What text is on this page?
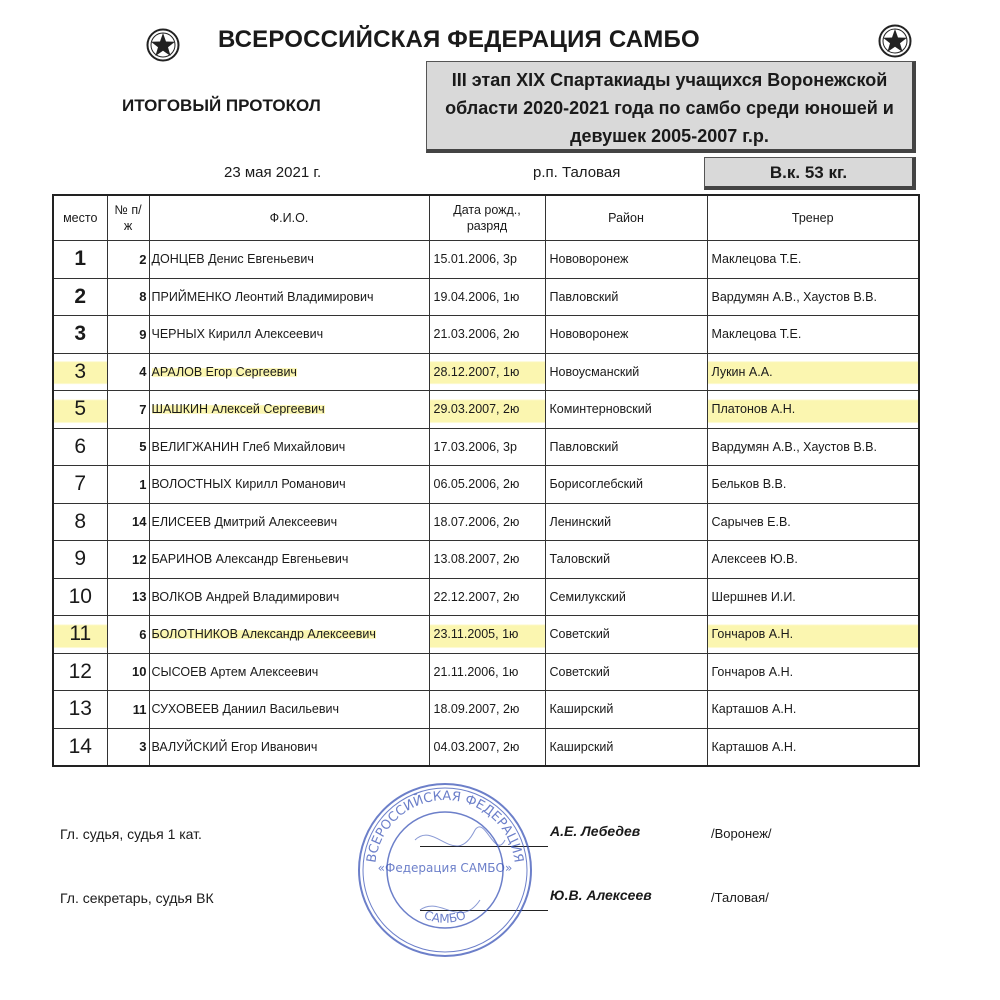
ВСЕРОССИЙСКАЯ ФЕДЕРАЦИЯ САМБО
ИТОГОВЫЙ ПРОТОКОЛ
III этап XIX Спартакиады учащихся Воронежской
области 2020-2021 года по самбо среди юношей и
девушек 2005-2007 г.р.
23 мая 2021 г.	р.п. Таловая	В.к. 53 кг.
место	№ п/ж	Ф.И.О.	Дата рожд., разряд	Район	Тренер
1	2	ДОНЦЕВ Денис Евгеньевич	15.01.2006, 3р	Нововоронеж	Маклецова Т.Е.
2	8	ПРИЙМЕНКО Леонтий Владимирович	19.04.2006, 1ю	Павловский	Вардумян А.В., Хаустов В.В.
3	9	ЧЕРНЫХ Кирилл Алексеевич	21.03.2006, 2ю	Нововоронеж	Маклецова Т.Е.
3	4	АРАЛОВ Егор Сергеевич	28.12.2007, 1ю	Новоусманский	Лукин А.А.
5	7	ШАШКИН Алексей Сергеевич	29.03.2007, 2ю	Коминтерновский	Платонов А.Н.
6	5	ВЕЛИГЖАНИН Глеб Михайлович	17.03.2006, 3р	Павловский	Вардумян А.В., Хаустов В.В.
7	1	ВОЛОСТНЫХ Кирилл Романович	06.05.2006, 2ю	Борисоглебский	Бельков В.В.
8	14	ЕЛИСЕЕВ Дмитрий Алексеевич	18.07.2006, 2ю	Ленинский	Сарычев Е.В.
9	12	БАРИНОВ Александр Евгеньевич	13.08.2007, 2ю	Таловский	Алексеев Ю.В.
10	13	ВОЛКОВ Андрей Владимирович	22.12.2007, 2ю	Семилукский	Шершнев И.И.
11	6	БОЛОТНИКОВ Александр Алексеевич	23.11.2005, 1ю	Советский	Гончаров А.Н.
12	10	СЫСОЕВ Артем Алексеевич	21.11.2006, 1ю	Советский	Гончаров А.Н.
13	11	СУХОВЕЕВ Даниил Васильевич	18.09.2007, 2ю	Каширский	Карташов А.Н.
14	3	ВАЛУЙСКИЙ Егор Иванович	04.03.2007, 2ю	Каширский	Карташов А.Н.
Гл. судья, судья 1 кат.	А.Е. Лебедев	/Воронеж/
Гл. секретарь, судья ВК	Ю.В. Алексеев	/Таловая/
ВСЕРОССИЙСКАЯ ФЕДЕРАЦИЯ
САМБО
«Федерация САМБО»
